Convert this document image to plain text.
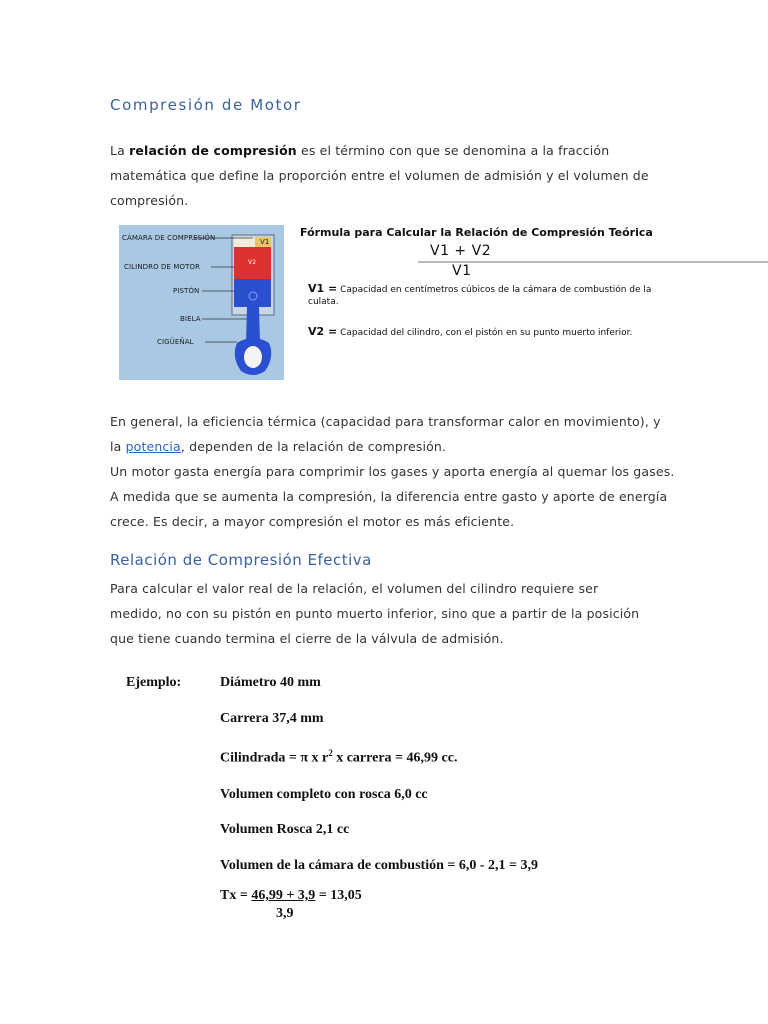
Compresión de Motor
La relación de compresión es el término con que se denomina a la fracción matemática que define la proporción entre el volumen de admisión y el volumen de compresión.
CÁMARA DE COMPRESIÓN
CILINDRO DE MOTOR
PISTÓN
BIELA
CIGÜEÑAL
V1
V2
Fórmula para Calcular la Relación de Compresión Teórica
V1 + V2
V1
V1 = Capacidad en centímetros cúbicos de la cámara de combustión de la culata.
V2 = Capacidad del cilindro, con el pistón en su punto muerto inferior.
En general, la eficiencia térmica (capacidad para transformar calor en movimiento), y la potencia, dependen de la relación de compresión.
Un motor gasta energía para comprimir los gases y aporta energía al quemar los gases. A medida que se aumenta la compresión, la diferencia entre gasto y aporte de energía crece. Es decir, a mayor compresión el motor es más eficiente.
Relación de Compresión Efectiva
Para calcular el valor real de la relación, el volumen del cilindro requiere ser medido, no con su pistón en punto muerto inferior, sino que a partir de la posición que tiene cuando termina el cierre de la válvula de admisión.
Ejemplo:	Diámetro 40 mm
Carrera 37,4 mm
Cilindrada = π x $r^2$ x carrera = 46,99 cc.
Volumen completo con rosca 6,0 cc
Volumen Rosca 2,1 cc
Volumen de la cámara de combustión = 6,0 - 2,1 = 3,9
Tx = 46,99 + 3,9 = 13,05
3,9
